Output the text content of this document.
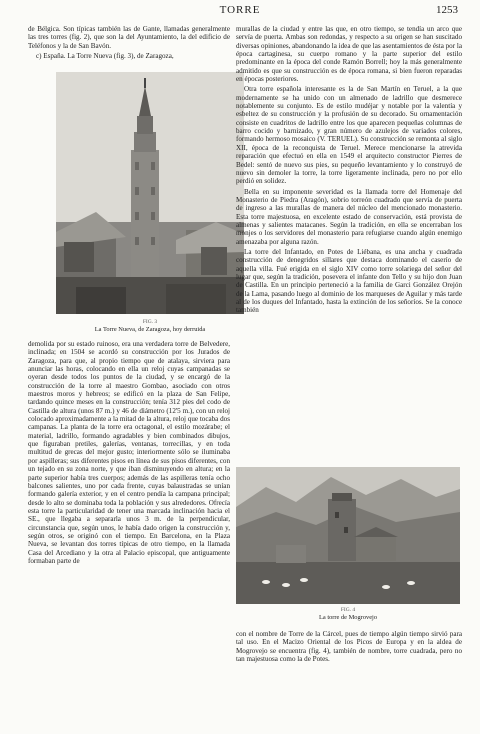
TORRE	1253

de Bélgica. Son típicas también las de Gante, llamadas generalmente las tres torres (fig. 2), que son la del Ayuntamiento, la del edificio de Teléfonos y la de San Bavón.

c) España. La Torre Nueva (fig. 3), de Zaragoza,

FIG. 3
La Torre Nueva, de Zaragoza, hoy derruida

demolida por su estado ruinoso, era una verdadera torre de Belvedere, inclinada; en 1504 se acordó su construcción por los Jurados de Zaragoza, para que, al propio tiempo que de atalaya, sirviera para anunciar las horas, colocando en ella un reloj cuyas campanadas se oyeran desde todos los puntos de la ciudad, y se encargó de la construcción de la torre al maestro Gombao, asociado con otros maestros moros y hebreos; se edificó en la plaza de San Felipe, tardando quince meses en la construcción; tenía 312 pies del codo de Castilla de altura (unos 87 m.) y 46 de diámetro (12'5 m.), con un reloj colocado aproximadamente a la mitad de la altura, reloj que tocaba dos campanas. La planta de la torre era octagonal, el estilo mozárabe; el material, ladrillo, formando agradables y bien combinados dibujos, que figuraban pretiles, galerías, ventanas, torrecillas, y en toda multitud de grecas del mejor gusto; interiormente sólo se iluminaba por aspilleras; sus diferentes pisos en línea de sus pisos diferentes, con un tejado en su zona norte, y que iban disminuyendo en altura; en la parte superior había tres cuerpos; además de las aspilleras tenía ocho balcones salientes, uno por cada frente, cuyas balaustradas se unían formando galería exterior, y en el centro pendía la campana principal; desde lo alto se dominaba toda la población y sus alrededores. Ofrecía esta torre la particularidad de tener una marcada inclinación hacia el SE., que llegaba a separarla unos 3 m. de la perpendicular, circunstancia que, según unos, le había dado origen la construcción y, según otros, se originó con el tiempo. En Barcelona, en la Plaza Nueva, se levantan dos torres típicas de otro tiempo, en la llamada Casa del Arcediano y la otra al Palacio episcopal, que antiguamente formaban parte de

murallas de la ciudad y entre las que, en otro tiempo, se tendía un arco que servía de puerta. Ambas son redondas, y respecto a su origen se han suscitado diversas opiniones, abandonando la idea de que las asentamientos de ésta por la época cartaginesa, su cuerpo romano y la parte superior del estilo predominante en la época del conde Ramón Borrell; hoy la más generalmente admitido es que su construcción es de época romana, si bien fueron reparadas en épocas posteriores.

Otra torre española interesante es la de San Martín en Teruel, a la que modernamente se ha unido con un almenado de ladrillo que desmerece notablemente su conjunto. Es de estilo mudéjar y notable por la valentía y esbeltez de su construcción y la profusión de su decorado. Su ornamentación consiste en cuadritos de ladrillo entre los que aparecen pequeñas columnas de barro cocido y barnizado, y gran número de azulejos de variados colores, formando hermoso mosaico (V. TERUEL). Su construcción se remonta al siglo XII, época de la reconquista de Teruel. Merece mencionarse la atrevida reparación que efectuó en ella en 1549 el arquitecto constructor Pierres de Bedel: sentó de nuevo sus pies, su pequeño levantamiento y lo construyó de nuevo sin demoler la torre, la torre ligeramente inclinada, pero no por ello perdió en solidez.

Bella en su imponente severidad es la llamada torre del Homenaje del Monasterio de Piedra (Aragón), sobrio torreón cuadrado que servía de puerta de ingreso a las murallas de manera del núcleo del mencionado monasterio. Esta torre majestuosa, en excelente estado de conservación, está provista de almenas y salientes matacanes. Según la tradición, en ella se encerraban los monjes o los servidores del monasterio para refugiarse cuando algún enemigo amenazaba por alguna razón.

La torre del Infantado, en Potes de Liébana, es una ancha y cuadrada construcción de denegridos sillares que destaca dominando el caserío de aquella villa. Fué erigida en el siglo XIV como torre solariega del señor del lugar que, según la tradición, posevera el infante don Tello y su hijo don Juan de Castilla. En un principio perteneció a la familia de Garci González Orejón de la Lama, pasando luego al dominio de los marqueses de Aguilar y más tarde al de los duques del Infantado, hasta la extinción de los señoríos. Se la conoce también

FIG. 4
La torre de Mogrovejo

con el nombre de Torre de la Cárcel, pues de tiempo algún tiempo sirvió para tal uso. En el Macizo Oriental de los Picos de Europa y en la aldea de Mogrovejo se encuentra (fig. 4), también de nombre, torre cuadrada, pero no tan majestuosa como la de Potes.
